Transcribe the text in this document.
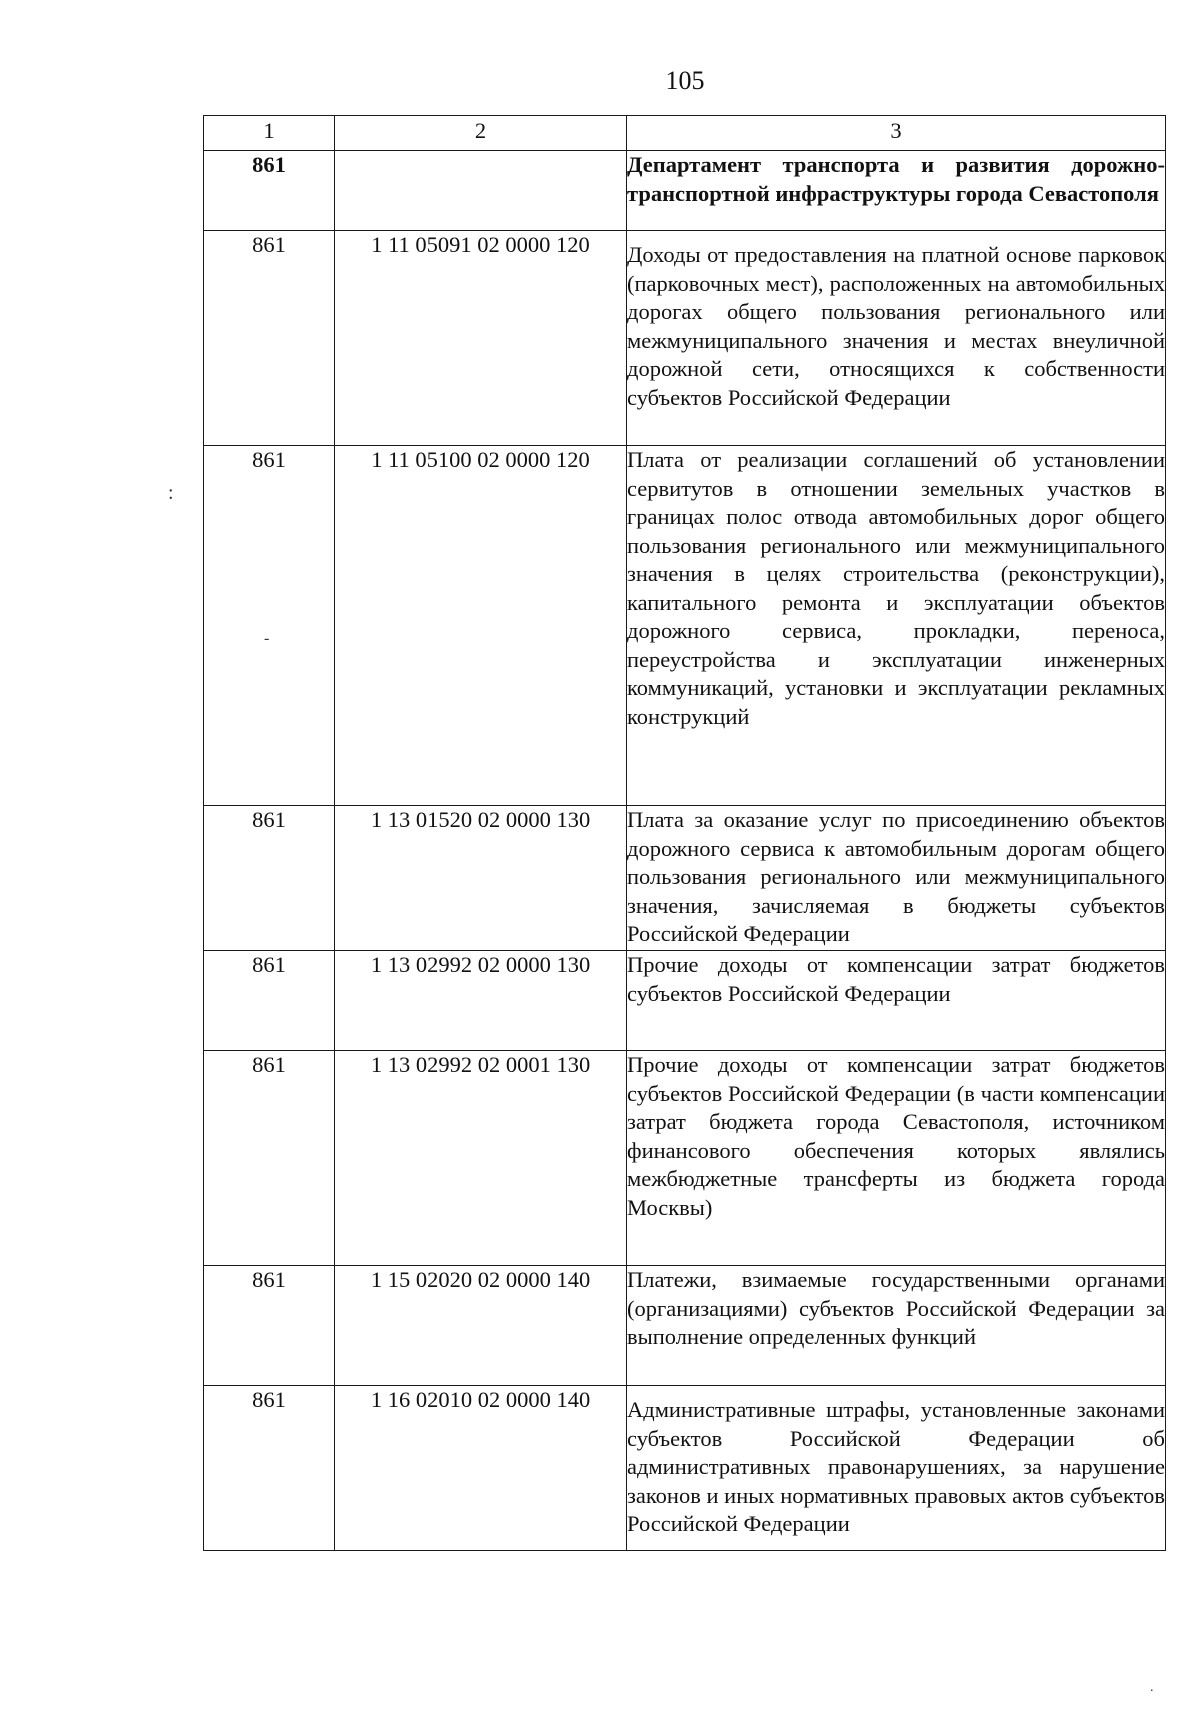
105
1	2	3
861		Департамент транспорта и развития дорожно-транспортной инфраструктуры города Севастополя
861	1 11 05091 02 0000 120	Доходы от предоставления на платной основе парковок (парковочных мест), расположенных на автомобильных дорогах общего пользования регионального или межмуниципального значения и местах внеуличной дорожной сети, относящихся к собственности субъектов Российской Федерации
861	1 11 05100 02 0000 120	Плата от реализации соглашений об установлении сервитутов в отношении земельных участков в границах полос отвода автомобильных дорог общего пользования регионального или межмуниципального значения в целях строительства (реконструкции), капитального ремонта и эксплуатации объектов дорожного сервиса, прокладки, переноса, переустройства и эксплуатации инженерных коммуникаций, установки и эксплуатации рекламных конструкций
861	1 13 01520 02 0000 130	Плата за оказание услуг по присоединению объектов дорожного сервиса к автомобильным дорогам общего пользования регионального или межмуниципального значения, зачисляемая в бюджеты субъектов Российской Федерации
861	1 13 02992 02 0000 130	Прочие доходы от компенсации затрат бюджетов субъектов Российской Федерации
861	1 13 02992 02 0001 130	Прочие доходы от компенсации затрат бюджетов субъектов Российской Федерации (в части компенсации затрат бюджета города Севастополя, источником финансового обеспечения которых являлись межбюджетные трансферты из бюджета города Москвы)
861	1 15 02020 02 0000 140	Платежи, взимаемые государственными органами (организациями) субъектов Российской Федерации за выполнение определенных функций
861	1 16 02010 02 0000 140	Административные штрафы, установленные законами субъектов Российской Федерации об административных правонарушениях, за нарушение законов и иных нормативных правовых актов субъектов Российской Федерации
:
‐
.
